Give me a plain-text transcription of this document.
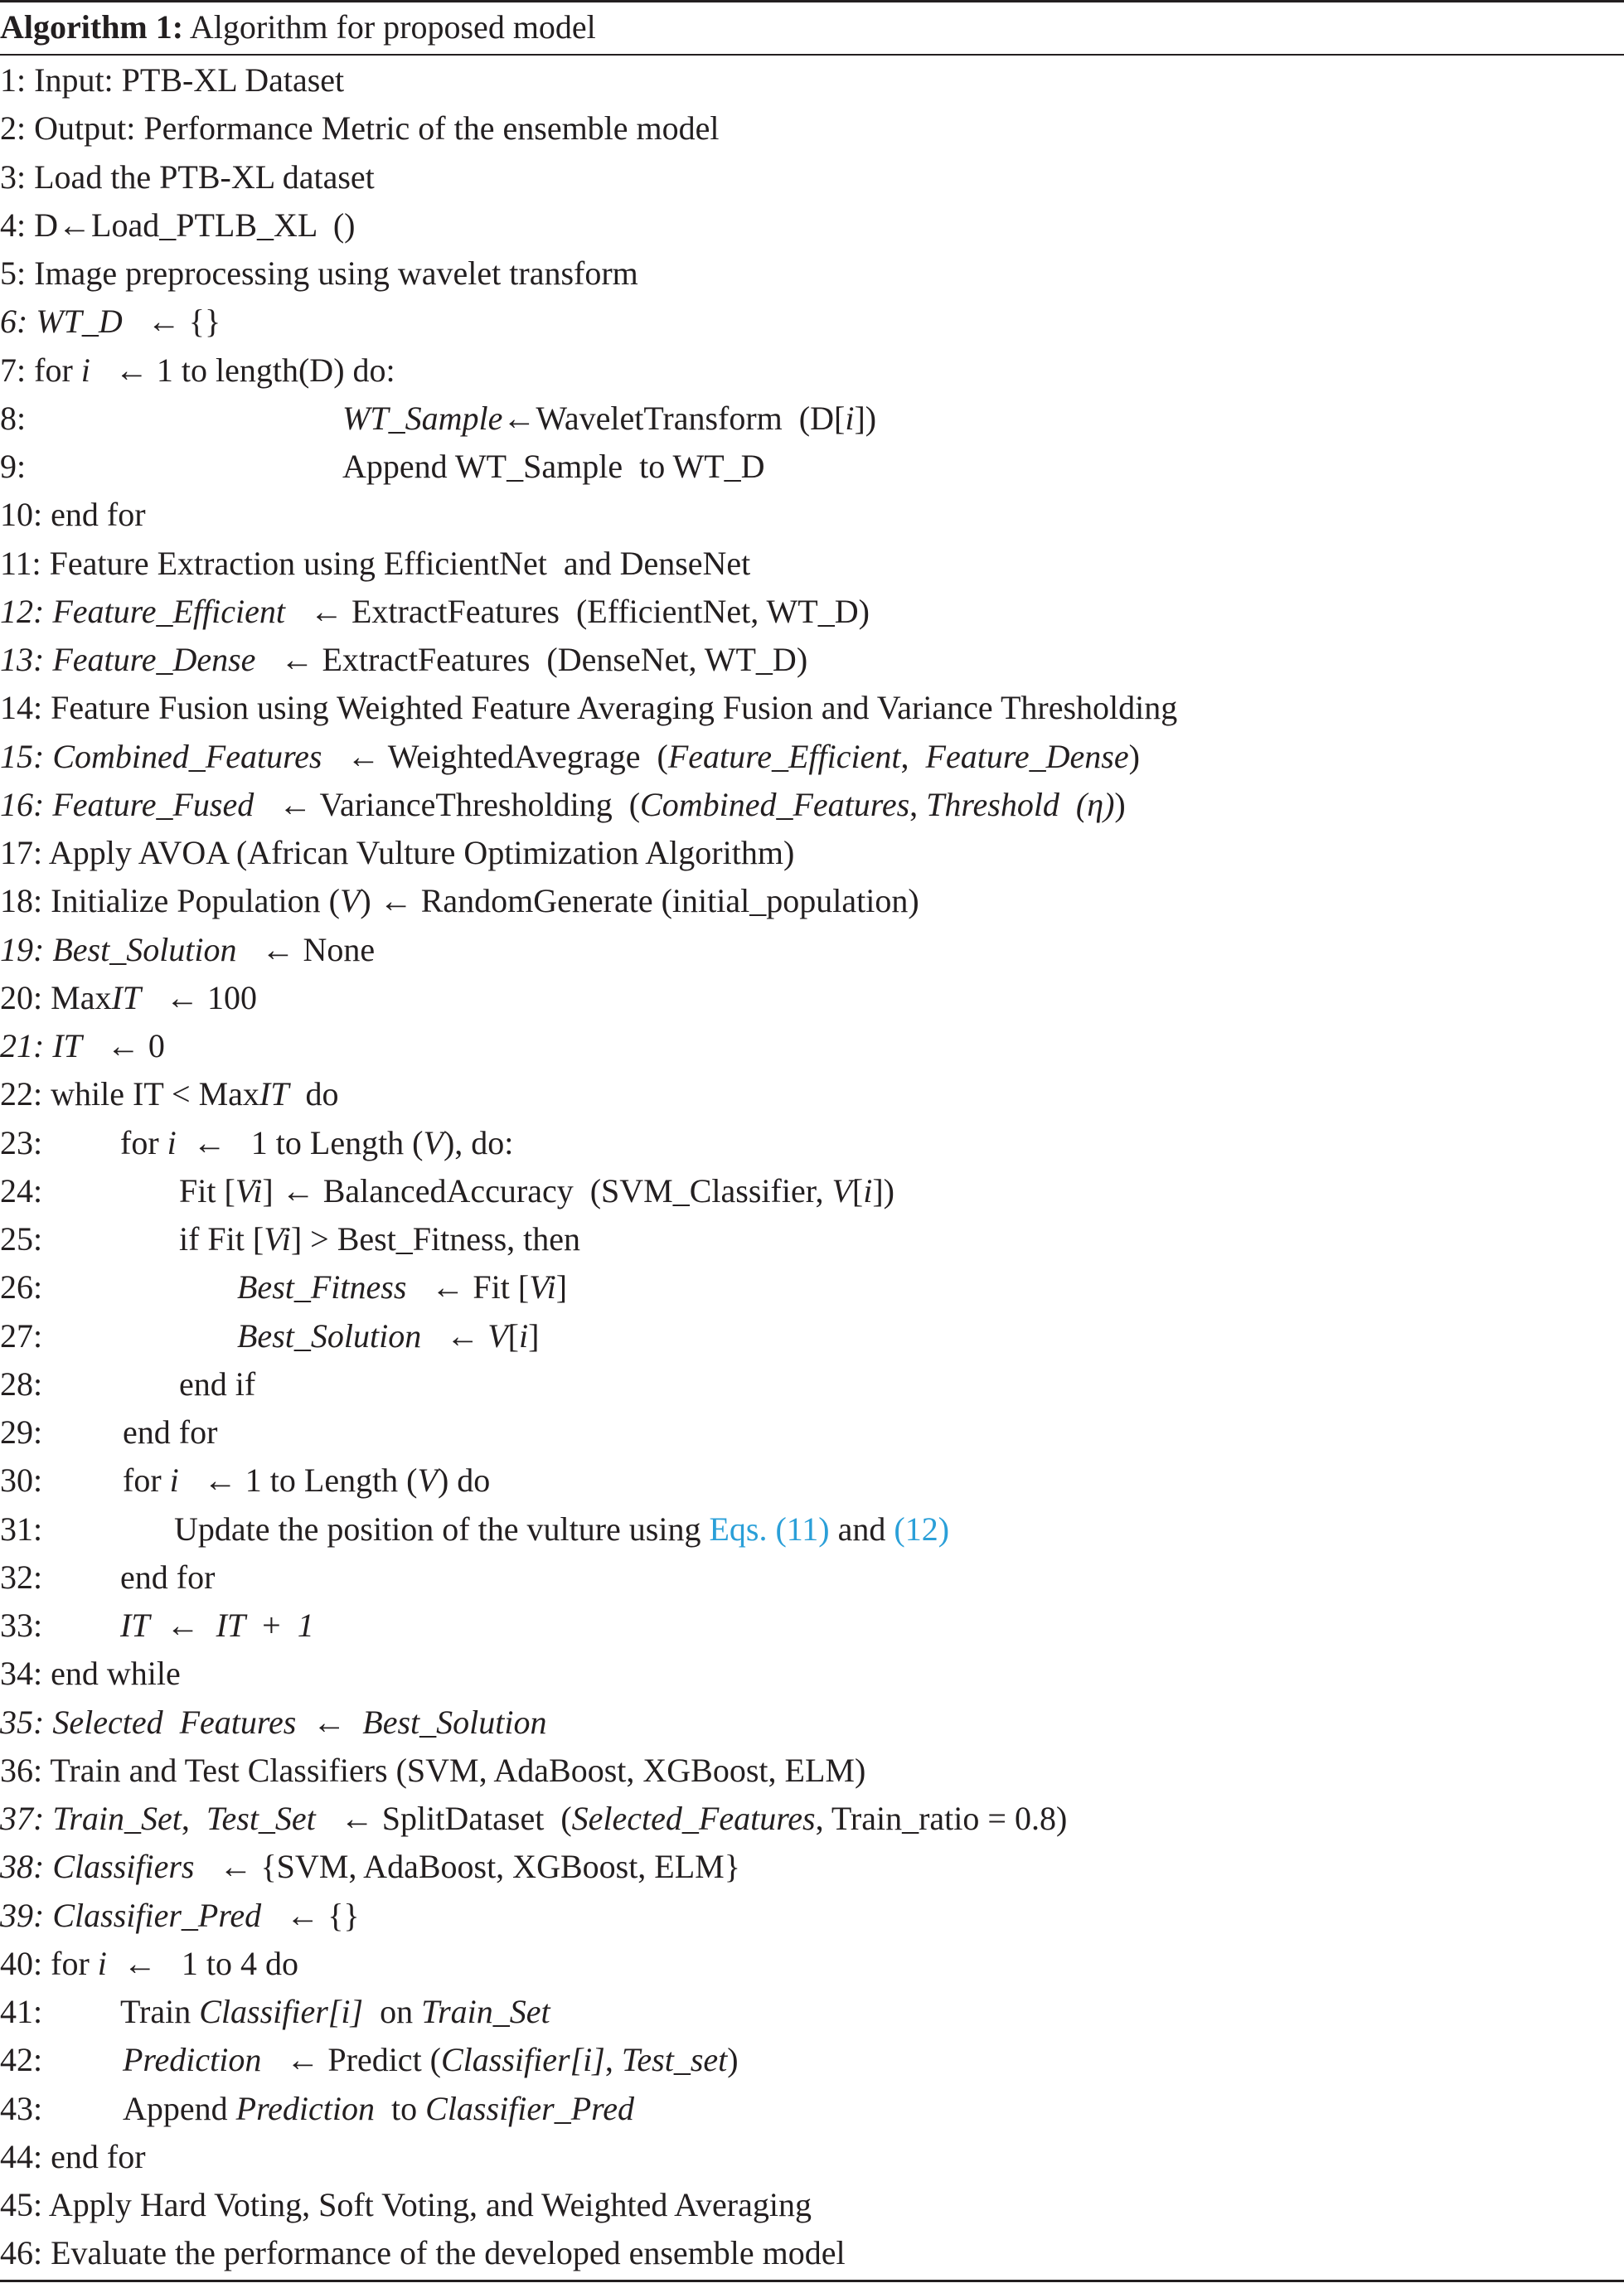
Algorithm 1: Algorithm for proposed model
1: Input: PTB-XL Dataset
2: Output: Performance Metric of the ensemble model
3: Load the PTB-XL dataset
4: D←Load_PTLB_XL  ()
5: Image preprocessing using wavelet transform
6: WT_D   ← {}
7: for i   ← 1 to length(D) do:
8:	WT_Sample←WaveletTransform  (D[i])
9:	Append WT_Sample  to WT_D
10: end for
11: Feature Extraction using EfficientNet  and DenseNet
12: Feature_Efficient   ← ExtractFeatures  (EfficientNet, WT_D)
13: Feature_Dense   ← ExtractFeatures  (DenseNet, WT_D)
14: Feature Fusion using Weighted Feature Averaging Fusion and Variance Thresholding
15: Combined_Features   ← WeightedAvegrage  (Feature_Efficient,  Feature_Dense)
16: Feature_Fused   ← VarianceThresholding  (Combined_Features, Threshold  (η))
17: Apply AVOA (African Vulture Optimization Algorithm)
18: Initialize Population (V) ← RandomGenerate (initial_population)
19: Best_Solution   ← None
20: MaxIT   ← 100
21: IT   ← 0
22: while IT < MaxIT  do
23: for i  ←   1 to Length (V), do:
24:	Fit [Vi] ← BalancedAccuracy  (SVM_Classifier, V[i])
25:	if Fit [Vi] > Best_Fitness, then
26:	Best_Fitness   ← Fit [Vi]
27:	Best_Solution   ← V[i]
28:	end if
29: end for
30: for i   ← 1 to Length (V) do
31:	Update the position of the vulture using Eqs. (11) and (12)
32: end for
33: IT  ←  IT  +  1
34: end while
35: Selected  Features  ←  Best_Solution
36: Train and Test Classifiers (SVM, AdaBoost, XGBoost, ELM)
37: Train_Set,  Test_Set   ← SplitDataset  (Selected_Features, Train_ratio = 0.8)
38: Classifiers   ← {SVM, AdaBoost, XGBoost, ELM}
39: Classifier_Pred   ← {}
40: for i  ←   1 to 4 do
41: Train Classifier[i]  on Train_Set
42: Prediction   ← Predict (Classifier[i], Test_set)
43: Append Prediction  to Classifier_Pred
44: end for
45: Apply Hard Voting, Soft Voting, and Weighted Averaging
46: Evaluate the performance of the developed ensemble model
